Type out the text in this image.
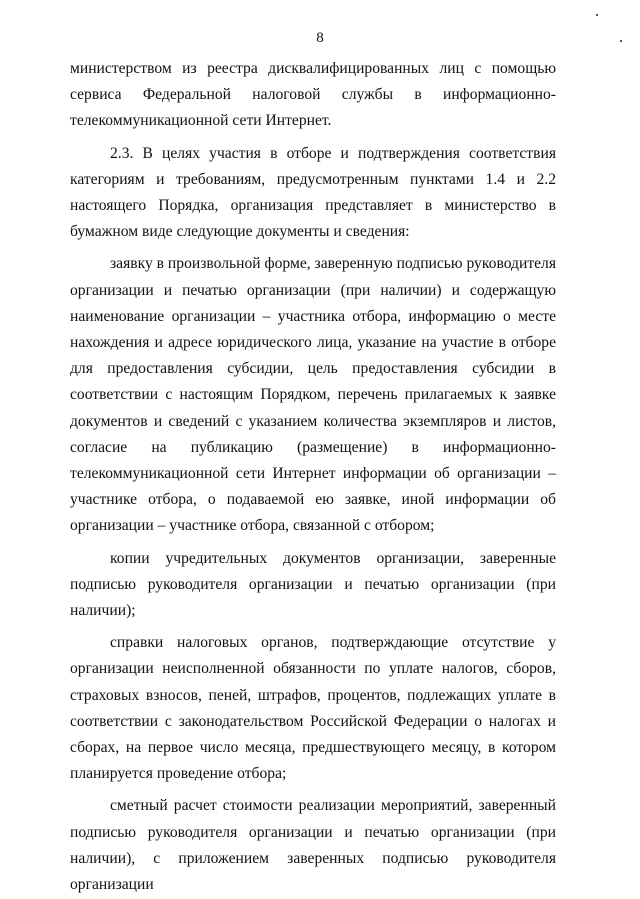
8

министерством из реестра дисквалифицированных лиц с помощью сервиса Федеральной налоговой службы в информационно-телекоммуникационной сети Интернет.

2.3. В целях участия в отборе и подтверждения соответствия категориям и требованиям, предусмотренным пунктами 1.4 и 2.2 настоящего Порядка, организация представляет в министерство в бумажном виде следующие документы и сведения:

заявку в произвольной форме, заверенную подписью руководителя организации и печатью организации (при наличии) и содержащую наименование организации – участника отбора, информацию о месте нахождения и адресе юридического лица, указание на участие в отборе для предоставления субсидии, цель предоставления субсидии в соответствии с настоящим Порядком, перечень прилагаемых к заявке документов и сведений с указанием количества экземпляров и листов, согласие на публикацию (размещение) в информационно-телекоммуникационной сети Интернет информации об организации – участнике отбора, о подаваемой ею заявке, иной информации об организации – участнике отбора, связанной с отбором;

копии учредительных документов организации, заверенные подписью руководителя организации и печатью организации (при наличии);

справки налоговых органов, подтверждающие отсутствие у организации неисполненной обязанности по уплате налогов, сборов, страховых взносов, пеней, штрафов, процентов, подлежащих уплате в соответствии с законодательством Российской Федерации о налогах и сборах, на первое число месяца, предшествующего месяцу, в котором планируется проведение отбора;

сметный расчет стоимости реализации мероприятий, заверенный подписью руководителя организации и печатью организации (при наличии), с приложением заверенных подписью руководителя организации
